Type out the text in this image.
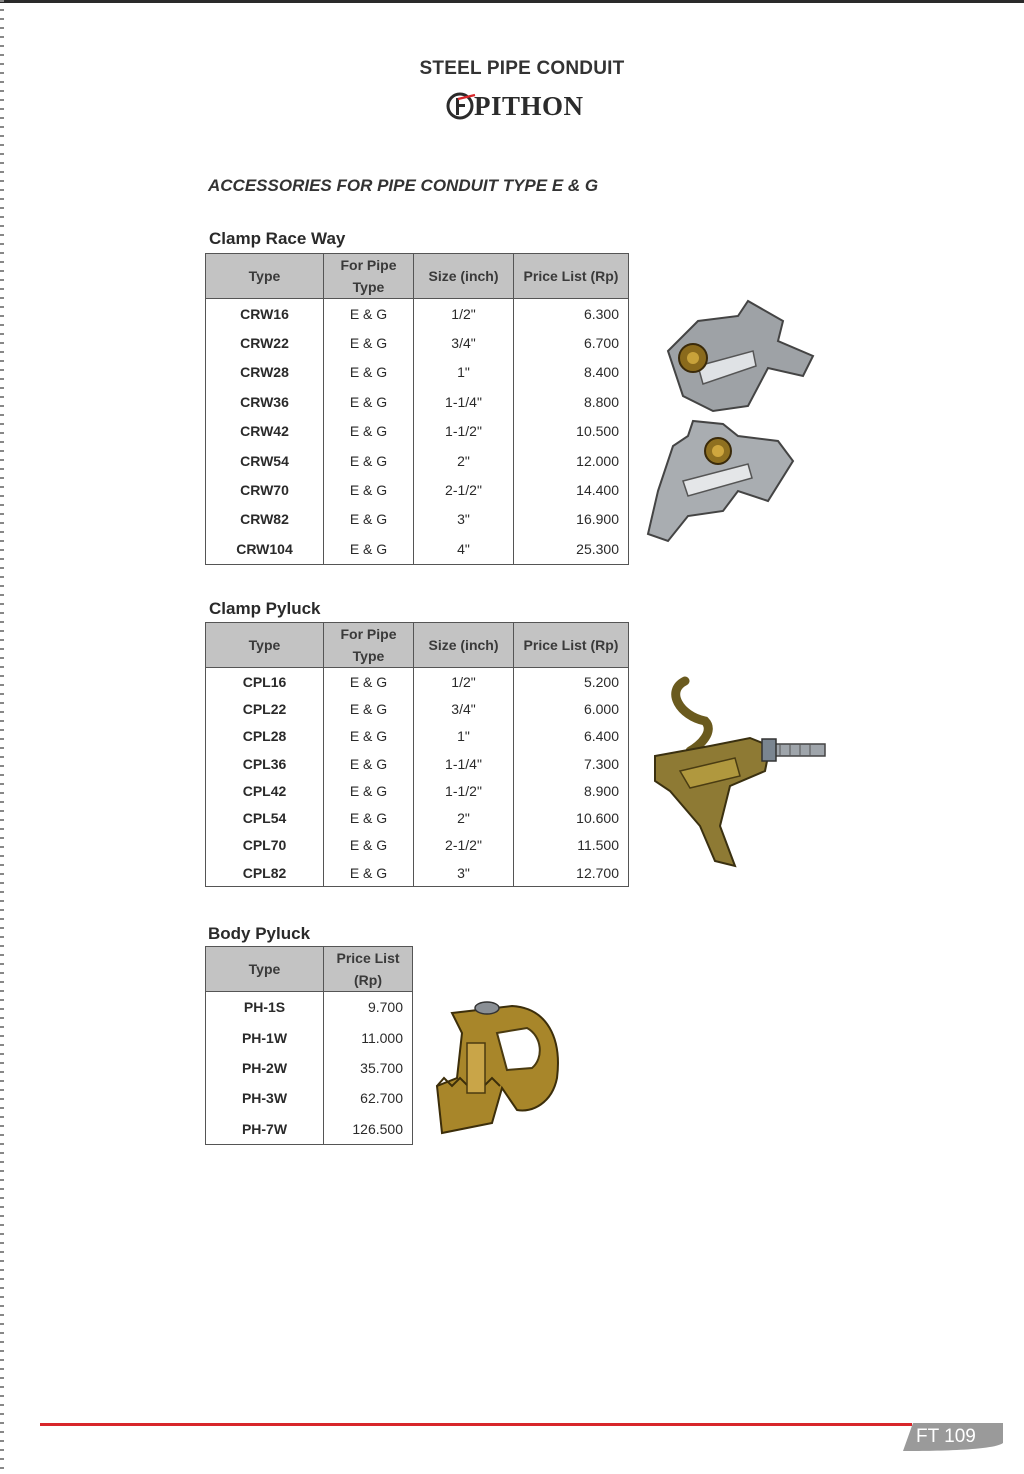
STEEL PIPE CONDUIT
PITHON
ACCESSORIES FOR PIPE CONDUIT TYPE E & G
Clamp Race Way
Type	For Pipe Type	Size (inch)	Price List (Rp)
CRW16	E & G	1/2"	6.300
CRW22	E & G	3/4"	6.700
CRW28	E & G	1"	8.400
CRW36	E & G	1-1/4"	8.800
CRW42	E & G	1-1/2"	10.500
CRW54	E & G	2"	12.000
CRW70	E & G	2-1/2"	14.400
CRW82	E & G	3"	16.900
CRW104	E & G	4"	25.300
Clamp Pyluck
Type	For Pipe Type	Size (inch)	Price List (Rp)
CPL16	E & G	1/2"	5.200
CPL22	E & G	3/4"	6.000
CPL28	E & G	1"	6.400
CPL36	E & G	1-1/4"	7.300
CPL42	E & G	1-1/2"	8.900
CPL54	E & G	2"	10.600
CPL70	E & G	2-1/2"	11.500
CPL82	E & G	3"	12.700
Body Pyluck
Type	Price List (Rp)
PH-1S	9.700
PH-1W	11.000
PH-2W	35.700
PH-3W	62.700
PH-7W	126.500
FT 109
